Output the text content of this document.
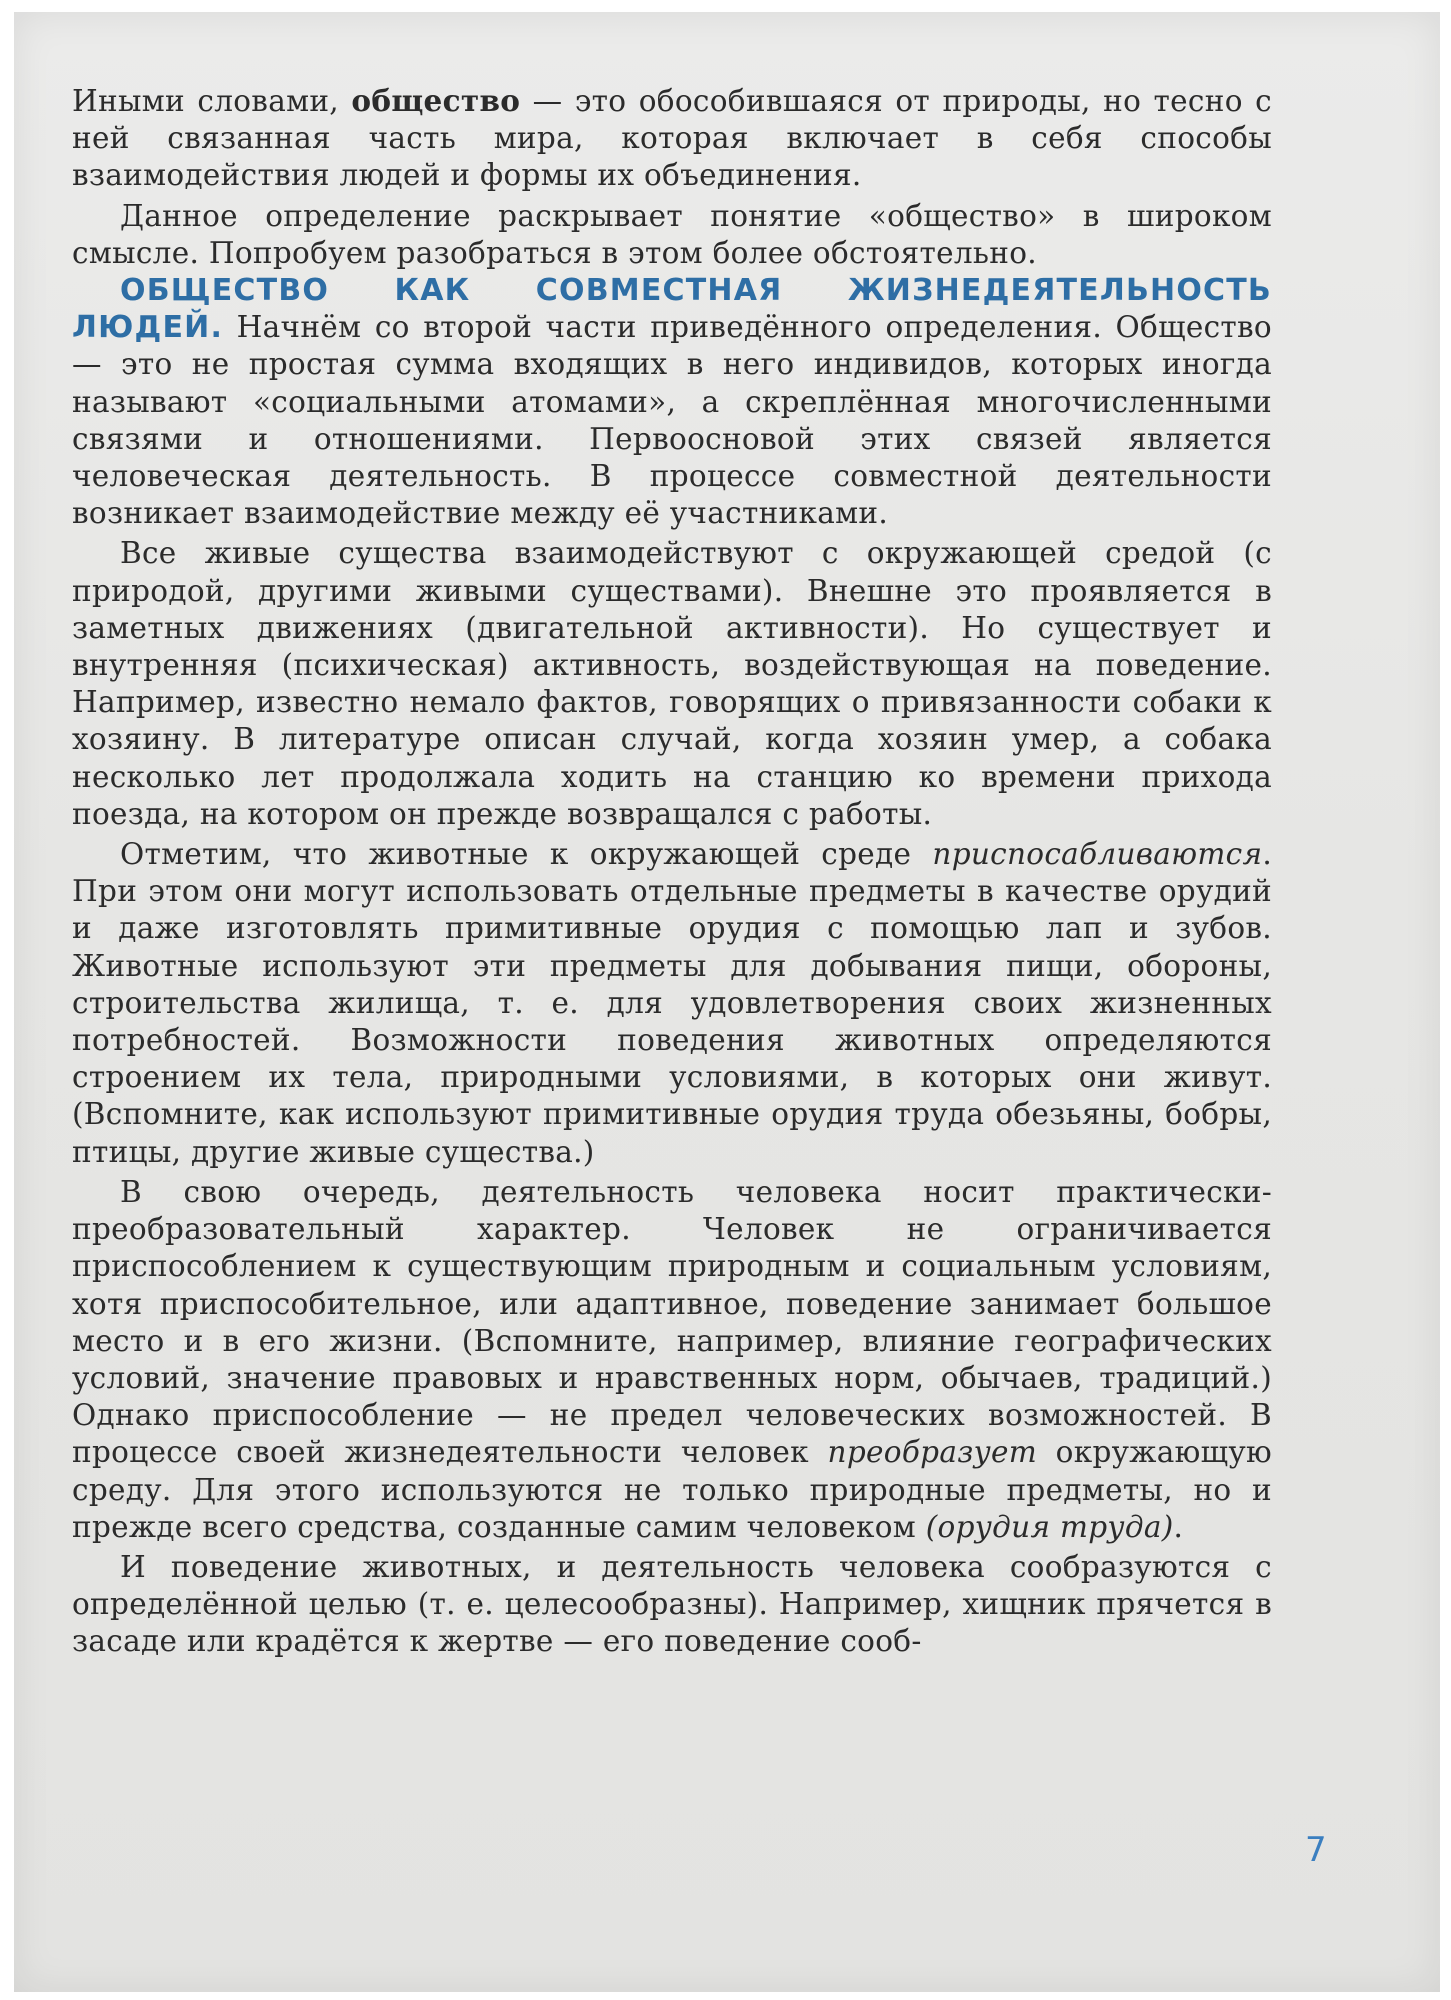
Иными словами, общество — это обособившаяся от природы, но тесно с ней связанная часть мира, которая включает в себя способы взаимодействия людей и формы их объединения.

Данное определение раскрывает понятие «общество» в широком смысле. Попробуем разобраться в этом более обстоятельно.

ОБЩЕСТВО КАК СОВМЕСТНАЯ ЖИЗНЕДЕЯТЕЛЬНОСТЬ ЛЮДЕЙ. Начнём со второй части приведённого определения. Общество — это не простая сумма входящих в него индивидов, которых иногда называют «социальными атомами», а скреплённая многочисленными связями и отношениями. Первоосновой этих связей является человеческая деятельность. В процессе совместной деятельности возникает взаимодействие между её участниками.

Все живые существа взаимодействуют с окружающей средой (с природой, другими живыми существами). Внешне это проявляется в заметных движениях (двигательной активности). Но существует и внутренняя (психическая) активность, воздействующая на поведение. Например, известно немало фактов, говорящих о привязанности собаки к хозяину. В литературе описан случай, когда хозяин умер, а собака несколько лет продолжала ходить на станцию ко времени прихода поезда, на котором он прежде возвращался с работы.

Отметим, что животные к окружающей среде приспосабливаются. При этом они могут использовать отдельные предметы в качестве орудий и даже изготовлять примитивные орудия с помощью лап и зубов. Животные используют эти предметы для добывания пищи, обороны, строительства жилища, т. е. для удовлетворения своих жизненных потребностей. Возможности поведения животных определяются строением их тела, природными условиями, в которых они живут. (Вспомните, как используют примитивные орудия труда обезьяны, бобры, птицы, другие живые существа.)

В свою очередь, деятельность человека носит практически-преобразовательный характер. Человек не ограничивается приспособлением к существующим природным и социальным условиям, хотя приспособительное, или адаптивное, поведение занимает большое место и в его жизни. (Вспомните, например, влияние географических условий, значение правовых и нравственных норм, обычаев, традиций.) Однако приспособление — не предел человеческих возможностей. В процессе своей жизнедеятельности человек преобразует окружающую среду. Для этого используются не только природные предметы, но и прежде всего средства, созданные самим человеком (орудия труда).

И поведение животных, и деятельность человека сообразуются с определённой целью (т. е. целесообразны). Например, хищник прячется в засаде или крадётся к жертве — его поведение сооб-

7
